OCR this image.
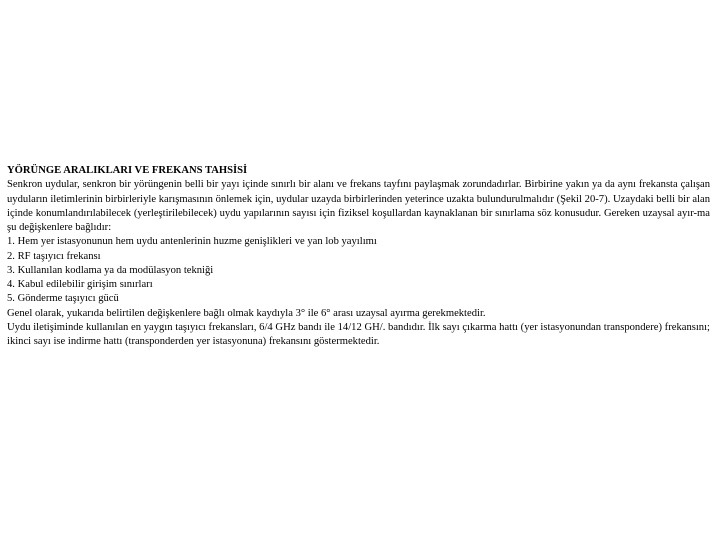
YÖRÜNGE ARALIKLARI VE FREKANS TAHSİSİ

Senkron uydular, senkron bir yörüngenin belli bir yayı içinde sınırlı bir alanı ve frekans tayfını paylaşmak zorundadırlar. Birbirine yakın ya da aynı frekansta çalışan uyduların iletimlerinin birbirleriyle karışmasının önlemek için, uydular uzayda birbirlerinden yeterince uzakta bulundurulmalıdır (Şekil 20-7). Uzaydaki belli bir alan içinde konumlandırılabilecek (yerleştirilebilecek) uydu yapılarının sayısı için fiziksel koşullardan kaynaklanan bir sınırlama söz konusudur. Gereken uzaysal ayır-ma şu değişkenlere bağlıdır:

1. Hem yer istasyonunun hem uydu antenlerinin huzme genişlikleri ve yan lob yayılımı

2. RF taşıyıcı frekansı

3. Kullanılan kodlama ya da modülasyon tekniği

4. Kabul edilebilir girişim sınırları

5. Gönderme taşıyıcı gücü

Genel olarak, yukarıda belirtilen değişkenlere bağlı olmak kaydıyla 3° ile 6° arası uzaysal ayırma gerekmektedir.

Uydu iletişiminde kullanılan en yaygın taşıyıcı frekansları, 6/4 GHz bandı ile 14/12 GH/. bandıdır. İlk sayı çıkarma hattı (yer istasyonundan transpondere) frekansını; ikinci sayı ise indirme hattı (transponderden yer istasyonuna) frekansını göstermektedir.
